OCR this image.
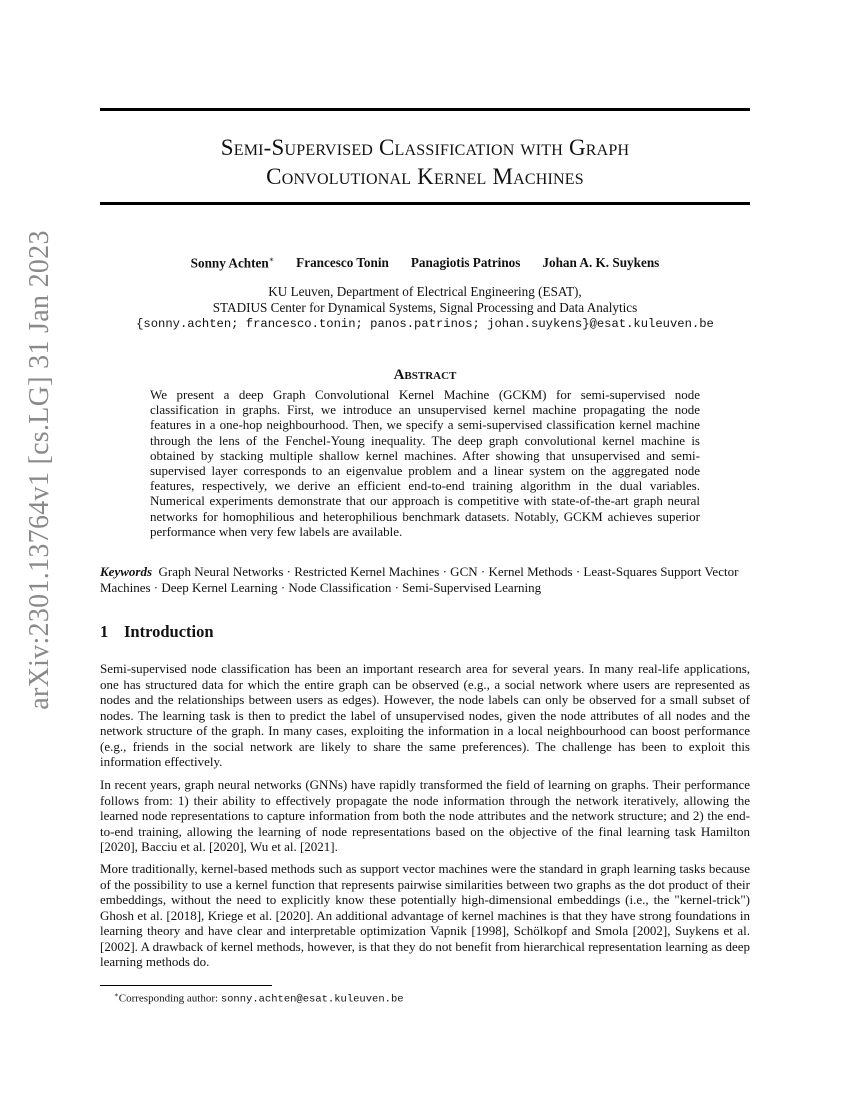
arXiv:2301.13764v1 [cs.LG] 31 Jan 2023
Semi-Supervised Classification with Graph
Convolutional Kernel Machines
Sonny Achten∗ Francesco Tonin Panagiotis Patrinos Johan A. K. Suykens
KU Leuven, Department of Electrical Engineering (ESAT),
STADIUS Center for Dynamical Systems, Signal Processing and Data Analytics
{sonny.achten; francesco.tonin; panos.patrinos; johan.suykens}@esat.kuleuven.be
Abstract
We present a deep Graph Convolutional Kernel Machine (GCKM) for semi-supervised node classification in graphs. First, we introduce an unsupervised kernel machine propagating the node features in a one-hop neighbourhood. Then, we specify a semi-supervised classification kernel machine through the lens of the Fenchel-Young inequality. The deep graph convolutional kernel machine is obtained by stacking multiple shallow kernel machines. After showing that unsupervised and semi-supervised layer corresponds to an eigenvalue problem and a linear system on the aggregated node features, respectively, we derive an efficient end-to-end training algorithm in the dual variables. Numerical experiments demonstrate that our approach is competitive with state-of-the-art graph neural networks for homophilious and heterophilious benchmark datasets. Notably, GCKM achieves superior performance when very few labels are available.
Keywords Graph Neural Networks · Restricted Kernel Machines · GCN · Kernel Methods · Least-Squares Support Vector Machines · Deep Kernel Learning · Node Classification · Semi-Supervised Learning
1 Introduction
Semi-supervised node classification has been an important research area for several years. In many real-life applications, one has structured data for which the entire graph can be observed (e.g., a social network where users are represented as nodes and the relationships between users as edges). However, the node labels can only be observed for a small subset of nodes. The learning task is then to predict the label of unsupervised nodes, given the node attributes of all nodes and the network structure of the graph. In many cases, exploiting the information in a local neighbourhood can boost performance (e.g., friends in the social network are likely to share the same preferences). The challenge has been to exploit this information effectively.
In recent years, graph neural networks (GNNs) have rapidly transformed the field of learning on graphs. Their performance follows from: 1) their ability to effectively propagate the node information through the network iteratively, allowing the learned node representations to capture information from both the node attributes and the network structure; and 2) the end-to-end training, allowing the learning of node representations based on the objective of the final learning task Hamilton [2020], Bacciu et al. [2020], Wu et al. [2021].
More traditionally, kernel-based methods such as support vector machines were the standard in graph learning tasks because of the possibility to use a kernel function that represents pairwise similarities between two graphs as the dot product of their embeddings, without the need to explicitly know these potentially high-dimensional embeddings (i.e., the "kernel-trick") Ghosh et al. [2018], Kriege et al. [2020]. An additional advantage of kernel machines is that they have strong foundations in learning theory and have clear and interpretable optimization Vapnik [1998], Schölkopf and Smola [2002], Suykens et al. [2002]. A drawback of kernel methods, however, is that they do not benefit from hierarchical representation learning as deep learning methods do.
∗Corresponding author: sonny.achten@esat.kuleuven.be
